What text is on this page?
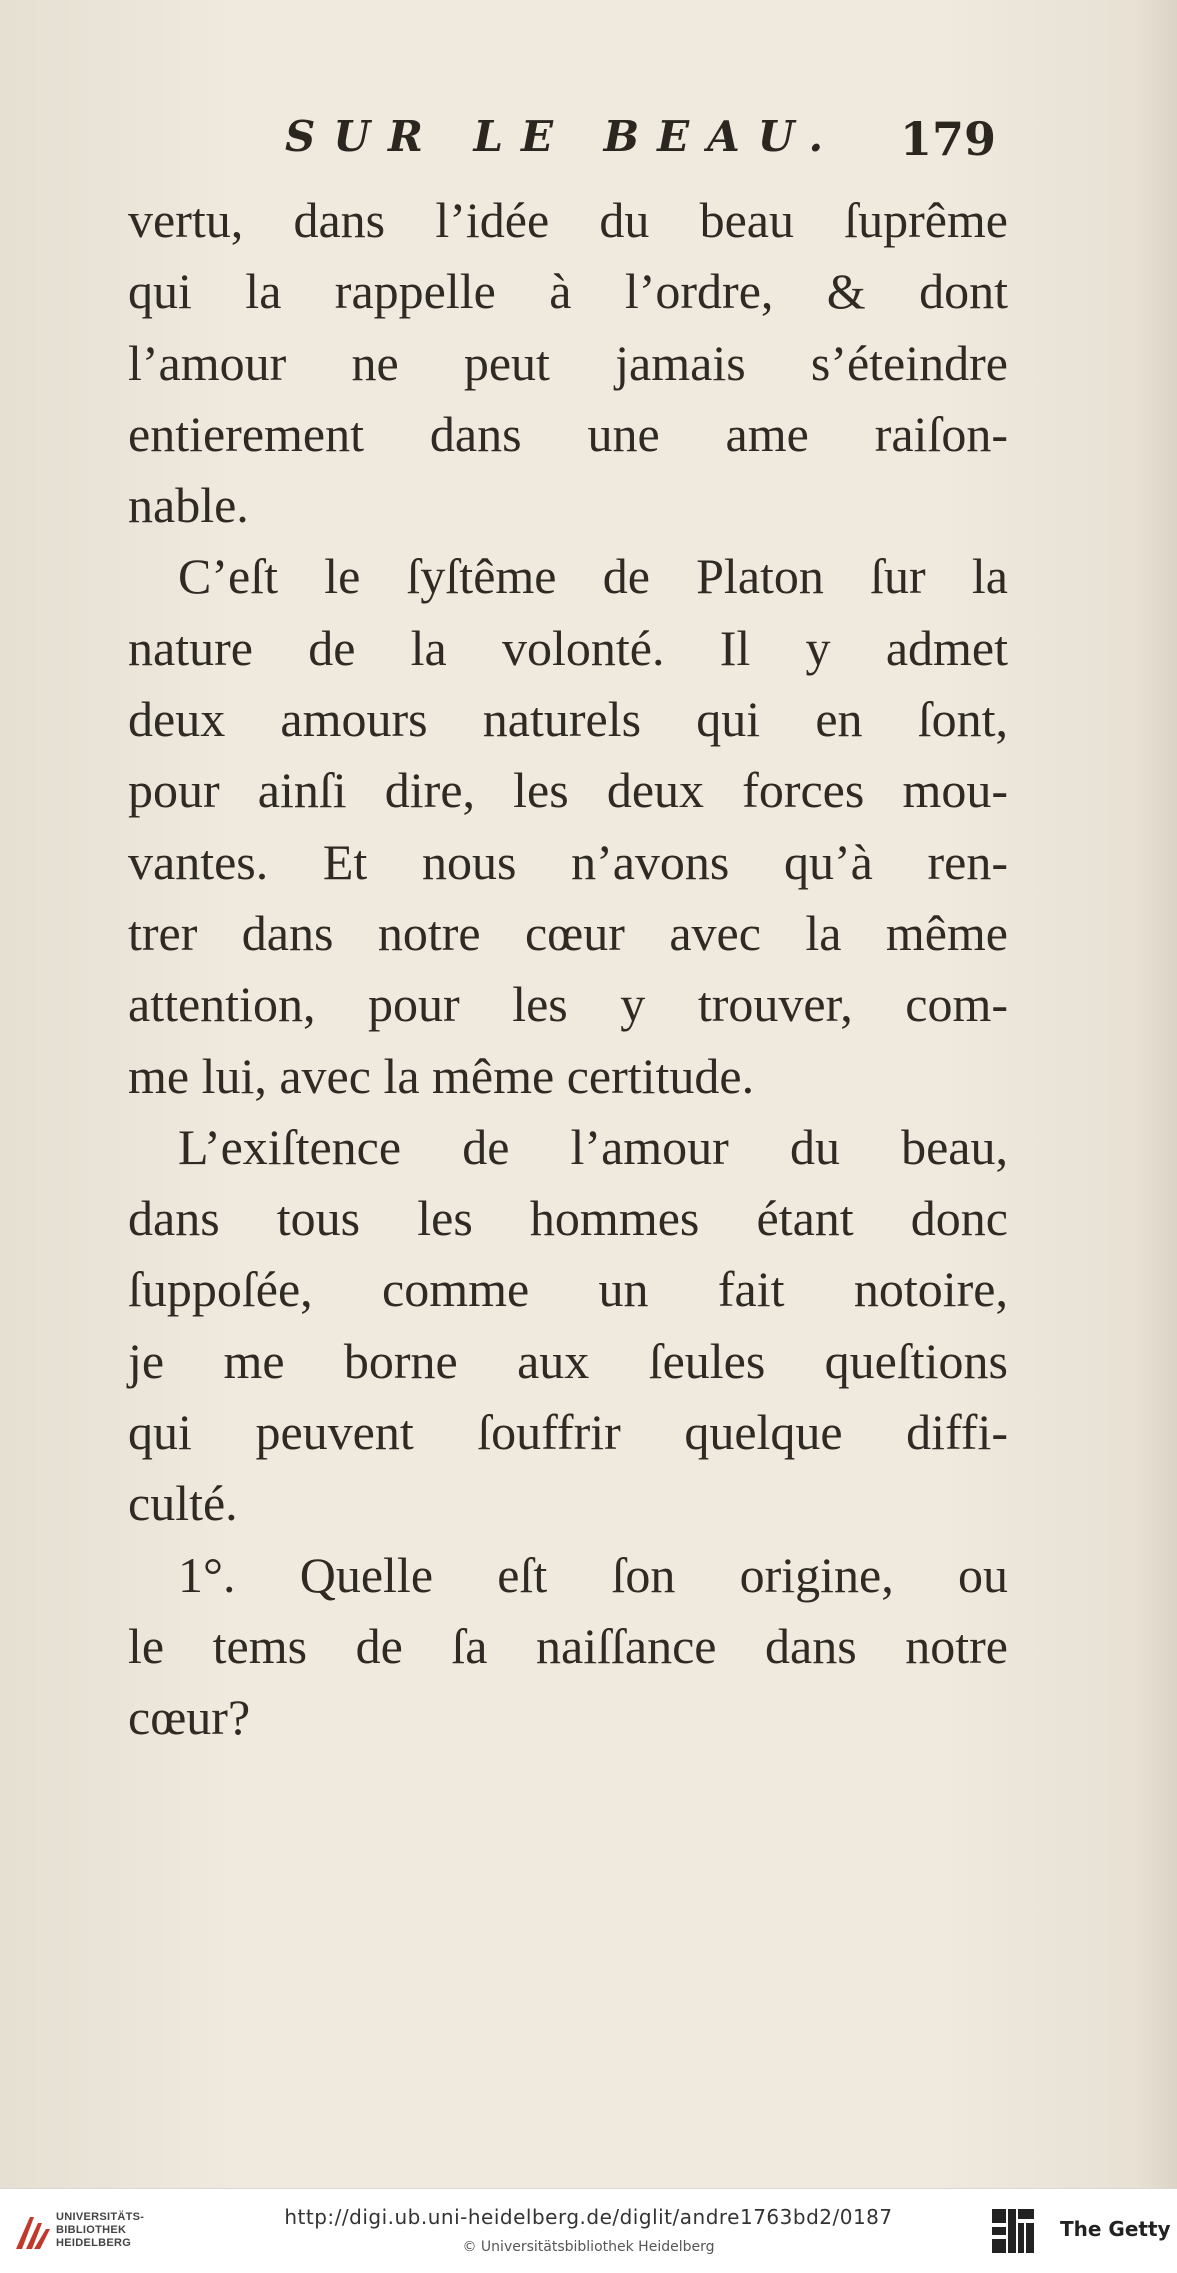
SUR LE BEAU.	179
vertu, dans l’idée du beau ſuprême
qui la rappelle à l’ordre, & dont
l’amour ne peut jamais s’éteindre
entierement dans une ame raiſon-
nable.
C’eſt le ſyſtême de Platon ſur la
nature de la volonté. Il y admet
deux amours naturels qui en ſont,
pour ainſi dire, les deux forces mou-
vantes. Et nous n’avons qu’à ren-
trer dans notre cœur avec la même
attention, pour les y trouver, com-
me lui, avec la même certitude.
L’exiſtence de l’amour du beau,
dans tous les hommes étant donc
ſuppoſée, comme un fait notoire,
je me borne aux ſeules queſtions
qui peuvent ſouffrir quelque diffi-
culté.
1°. Quelle eſt ſon origine, ou
le tems de ſa naiſſance dans notre
cœur?
UNIVERSITÄTS-
BIBLIOTHEK
HEIDELBERG
http://digi.ub.uni-heidelberg.de/diglit/andre1763bd2/0187
© Universitätsbibliothek Heidelberg
The Getty
